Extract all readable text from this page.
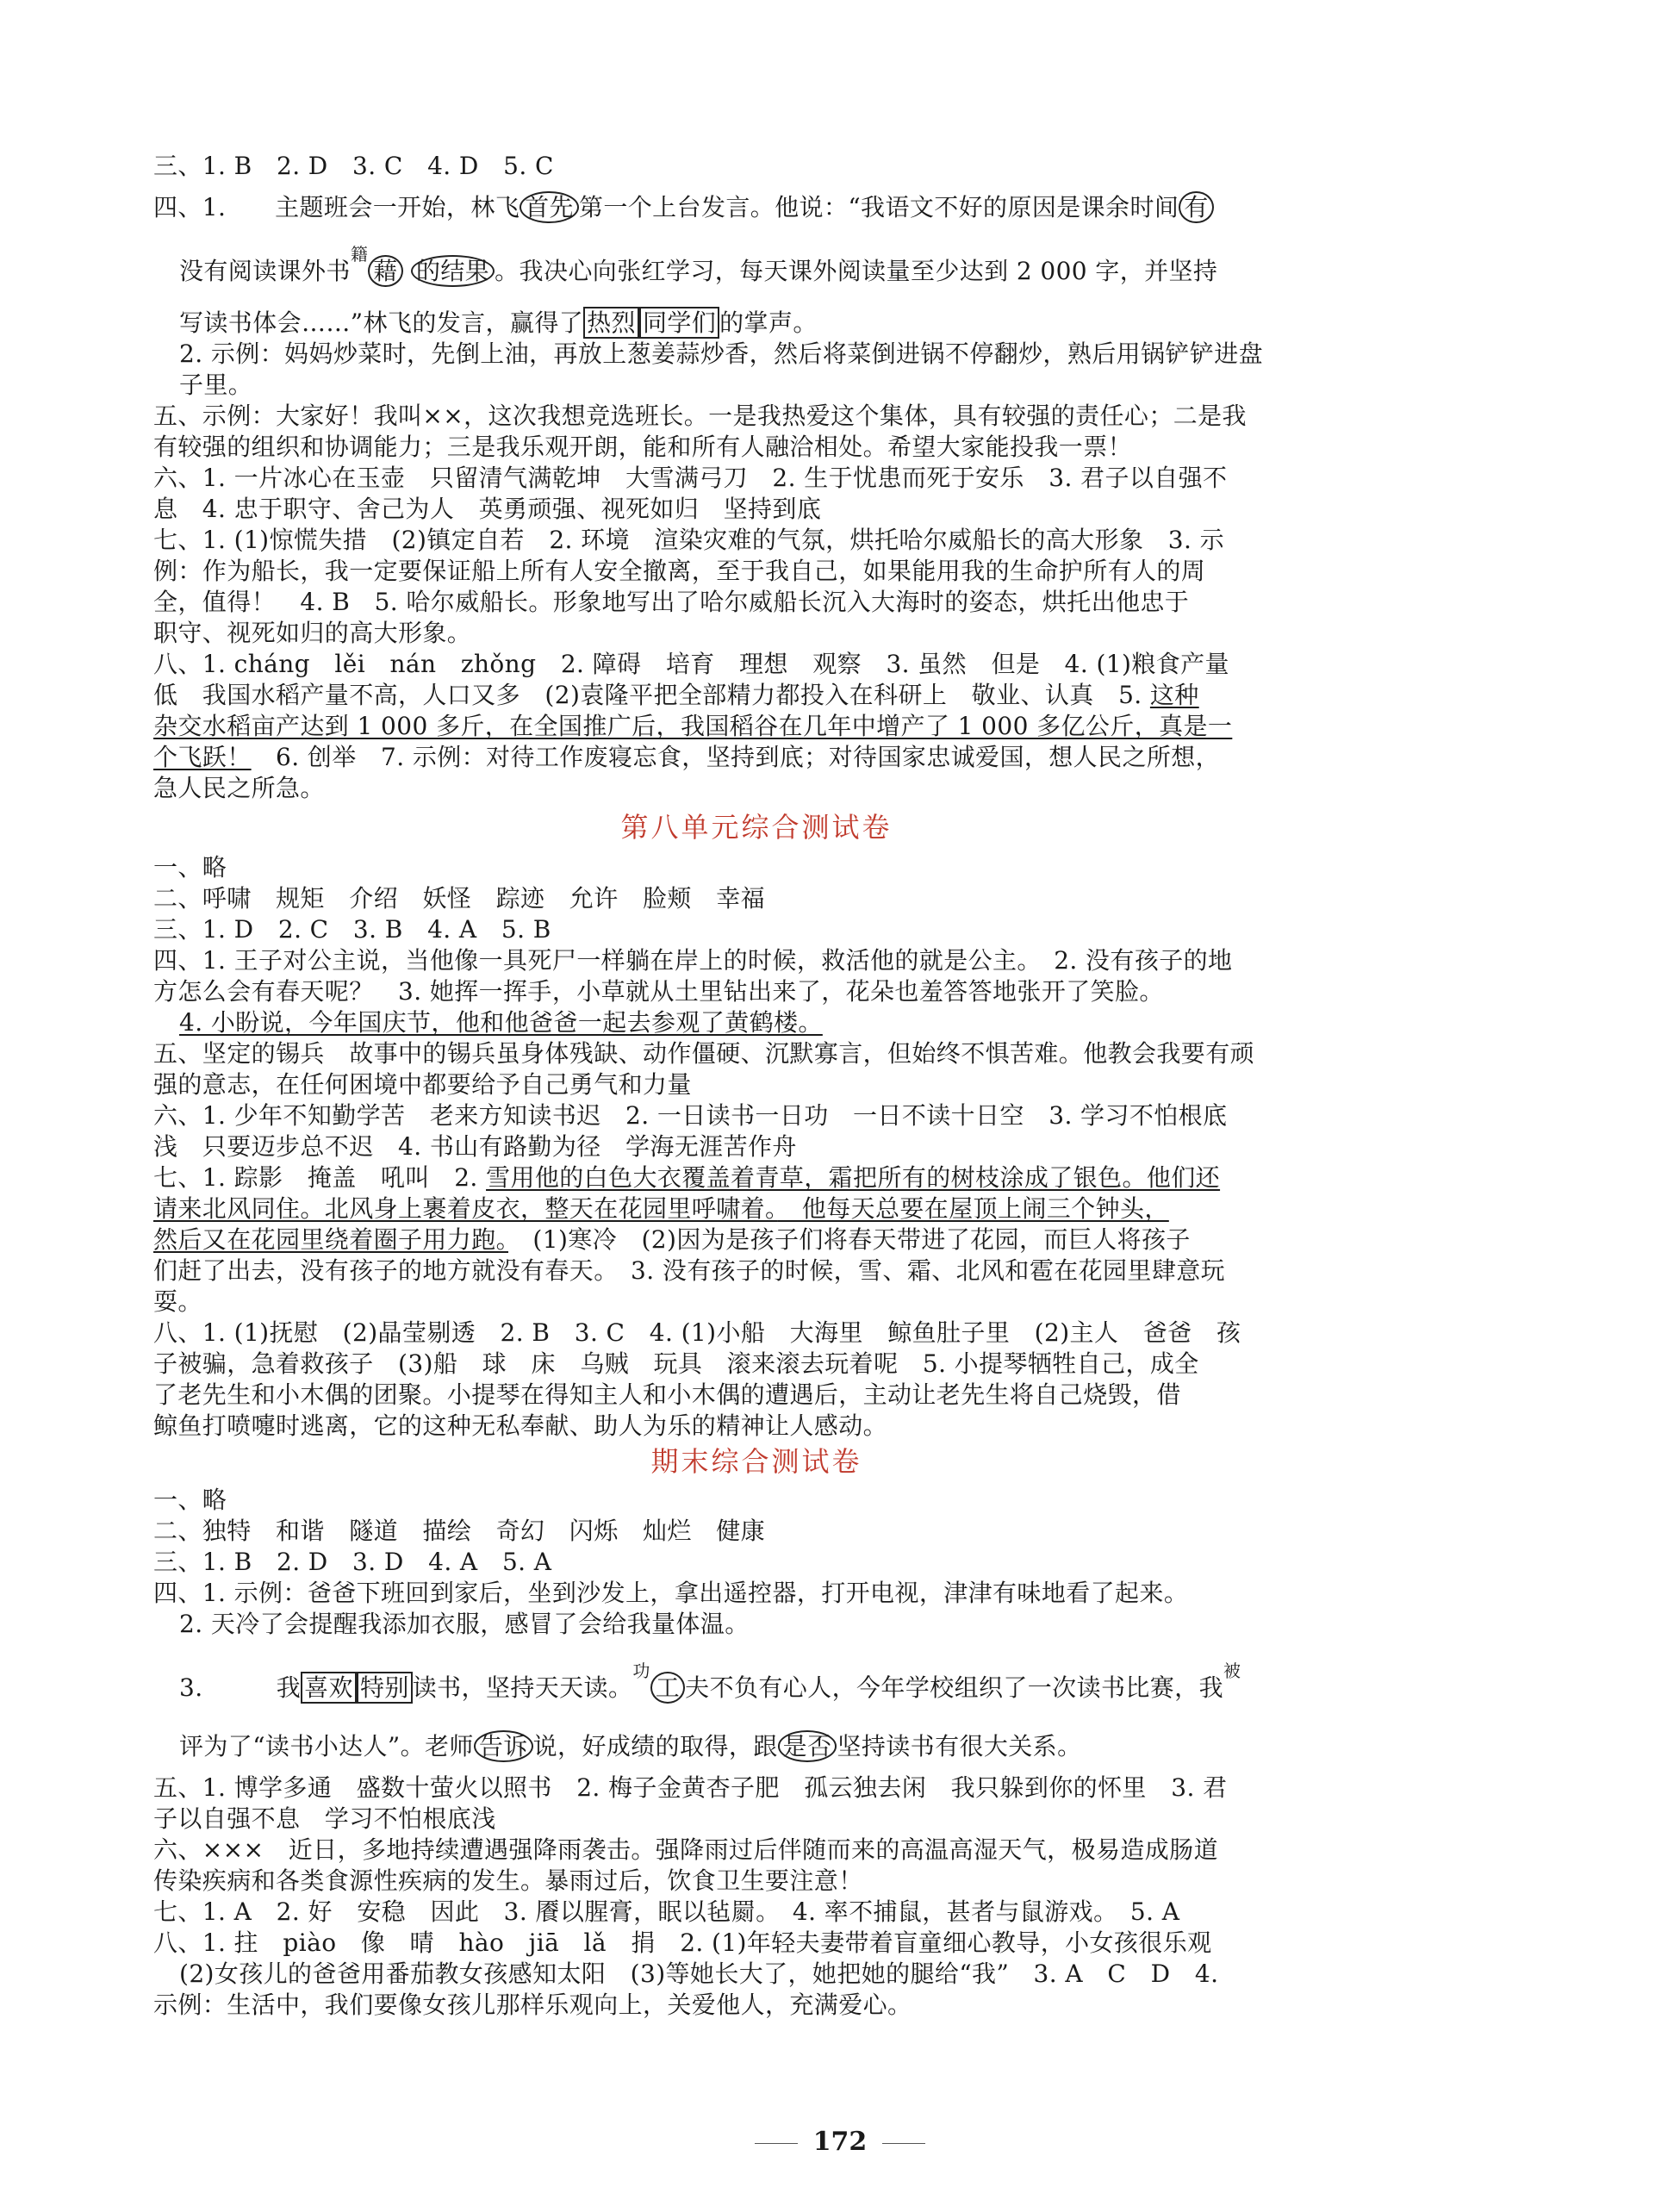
三、1. B　2. D　3. C　4. D　5. C
四、1.　　主题班会一开始，林飞 首先 第一个上台发言。他说：“我语文不好的原因是课余时间 有
没有阅读课外书$^籍$藉 的结果 。我决心向张红学习，每天课外阅读量至少达到 2 000 字，并坚持
写读书体会……”林飞的发言，赢得了 热烈 同学们 的掌声。
2. 示例：妈妈炒菜时，先倒上油，再放上葱姜蒜炒香，然后将菜倒进锅不停翻炒，熟后用锅铲铲进盘
子里。
五、示例：大家好！我叫××，这次我想竞选班长。一是我热爱这个集体，具有较强的责任心；二是我
有较强的组织和协调能力；三是我乐观开朗，能和所有人融洽相处。希望大家能投我一票！
六、1. 一片冰心在玉壶　只留清气满乾坤　大雪满弓刀　2. 生于忧患而死于安乐　3. 君子以自强不
息　4. 忠于职守、舍己为人　英勇顽强、视死如归　坚持到底
七、1. (1)惊慌失措　(2)镇定自若　2. 环境　渲染灾难的气氛，烘托哈尔威船长的高大形象　3. 示
例：作为船长，我一定要保证船上所有人安全撤离，至于我自己，如果能用我的生命护所有人的周
全，值得！　4. B　5. 哈尔威船长。形象地写出了哈尔威船长沉入大海时的姿态，烘托出他忠于
职守、视死如归的高大形象。
八、1. cháng　lěi　nán　zhǒng　2. 障碍　培育　理想　观察　3. 虽然　但是　4. (1)粮食产量
低　我国水稻产量不高，人口又多　(2)袁隆平把全部精力都投入在科研上　敬业、认真　5. 这种
杂交水稻亩产达到 1 000 多斤，在全国推广后，我国稻谷在几年中增产了 1 000 多亿公斤，真是一
个飞跃！　6. 创举　7. 示例：对待工作废寝忘食，坚持到底；对待国家忠诚爱国，想人民之所想，
急人民之所急。
第八单元综合测试卷
一、略
二、呼啸　规矩　介绍　妖怪　踪迹　允许　脸颊　幸福
三、1. D　2. C　3. B　4. A　5. B
四、1. 王子对公主说，当他像一具死尸一样躺在岸上的时候，救活他的就是公主。　2. 没有孩子的地
方怎么会有春天呢？　3. 她挥一挥手，小草就从土里钻出来了，花朵也羞答答地张开了笑脸。
4. 小盼说，今年国庆节，他和他爸爸一起去参观了黄鹤楼。
五、坚定的锡兵　故事中的锡兵虽身体残缺、动作僵硬、沉默寡言，但始终不惧苦难。他教会我要有顽
强的意志，在任何困境中都要给予自己勇气和力量
六、1. 少年不知勤学苦　老来方知读书迟　2. 一日读书一日功　一日不读十日空　3. 学习不怕根底
浅　只要迈步总不迟　4. 书山有路勤为径　学海无涯苦作舟
七、1. 踪影　掩盖　吼叫　2. 雪用他的白色大衣覆盖着青草，霜把所有的树枝涂成了银色。他们还
请来北风同住。北风身上裹着皮衣，整天在花园里呼啸着。　他每天总要在屋顶上闹三个钟头，
然后又在花园里绕着圈子用力跑。　(1)寒冷　(2)因为是孩子们将春天带进了花园，而巨人将孩子
们赶了出去，没有孩子的地方就没有春天。　3. 没有孩子的时候，雪、霜、北风和雹在花园里肆意玩
耍。
八、1. (1)抚慰　(2)晶莹剔透　2. B　3. C　4. (1)小船　大海里　鲸鱼肚子里　(2)主人　爸爸　孩
子被骗，急着救孩子　(3)船　球　床　乌贼　玩具　滚来滚去玩着呢　5. 小提琴牺牲自己，成全
了老先生和小木偶的团聚。小提琴在得知主人和小木偶的遭遇后，主动让老先生将自己烧毁，借
鲸鱼打喷嚏时逃离，它的这种无私奉献、助人为乐的精神让人感动。
期末综合测试卷
一、略
二、独特　和谐　隧道　描绘　奇幻　闪烁　灿烂　健康
三、1. B　2. D　3. D　4. A　5. A
四、1. 示例：爸爸下班回到家后，坐到沙发上，拿出遥控器，打开电视，津津有味地看了起来。
2. 天冷了会提醒我添加衣服，感冒了会给我量体温。
3.　　　我 喜欢 特别 读书，坚持天天读。$^功$工 夫不负有心人，今年学校组织了一次读书比赛，我$^被$
评为了“读书小达人”。老师 告诉 说，好成绩的取得，跟 是否 坚持读书有很大关系。
五、1. 博学多通　盛数十萤火以照书　2. 梅子金黄杏子肥　孤云独去闲　我只躲到你的怀里　3. 君
子以自强不息　学习不怕根底浅
六、×××　近日，多地持续遭遇强降雨袭击。强降雨过后伴随而来的高温高湿天气，极易造成肠道
传染疾病和各类食源性疾病的发生。暴雨过后，饮食卫生要注意！
七、1. A　2. 好　安稳　因此　3. 餍以腥膏，眠以毡罽。　4. 率不捕鼠，甚者与鼠游戏。　5. A
八、1. 拄　piào　像　晴　hào　jiā　lǎ　捐　2. (1)年轻夫妻带着盲童细心教导，小女孩很乐观
(2)女孩儿的爸爸用番茄教女孩感知太阳　(3)等她长大了，她把她的腿给“我”　3. A　C　D　4.
示例：生活中，我们要像女孩儿那样乐观向上，关爱他人，充满爱心。
172
